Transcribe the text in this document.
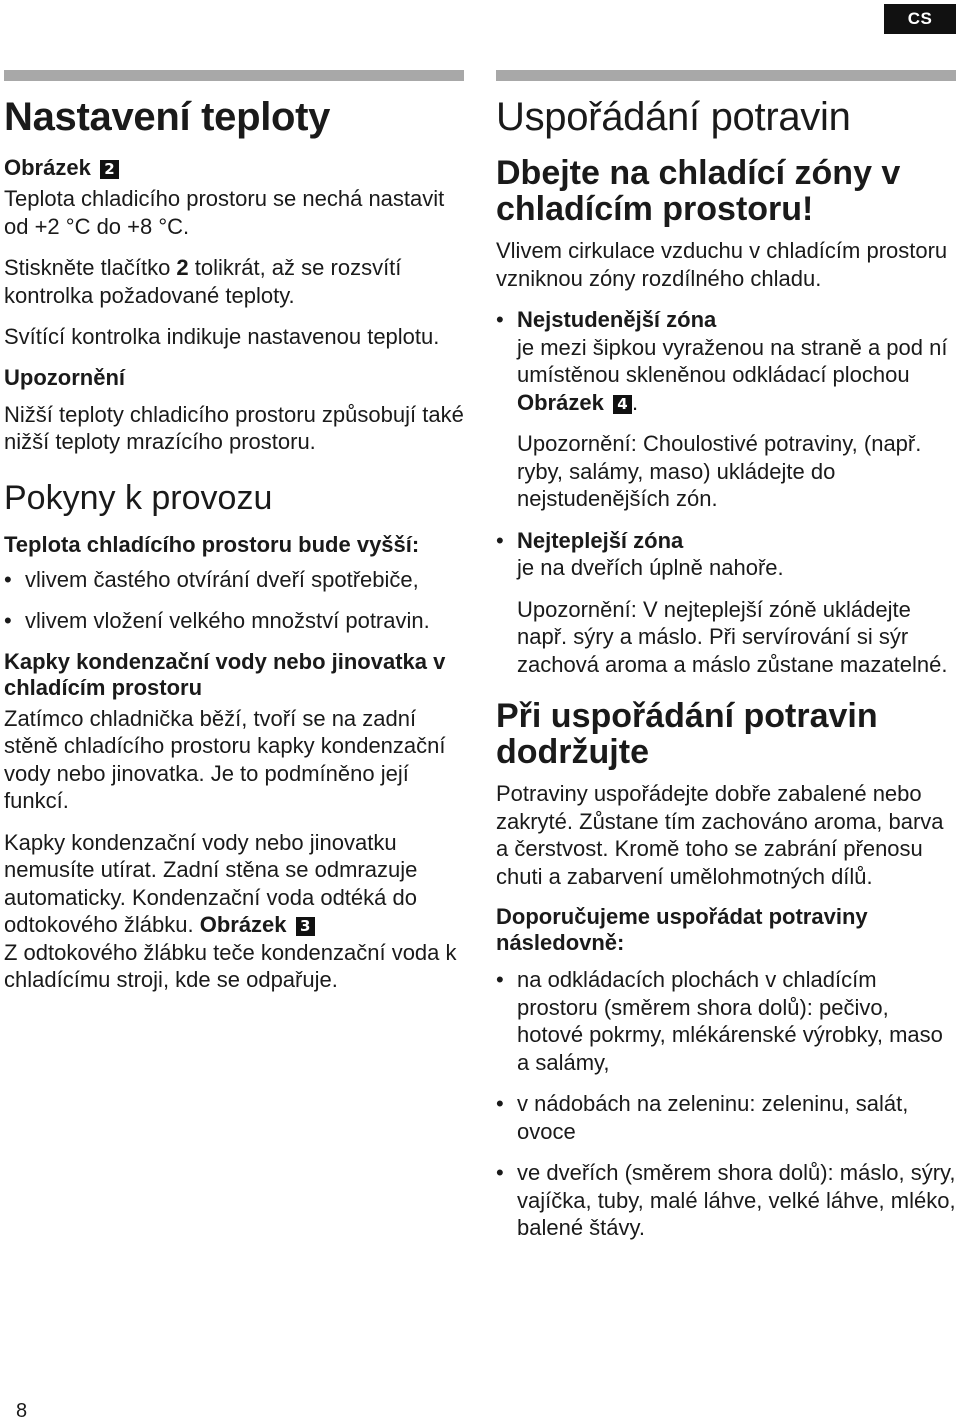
CS
Nastavení teploty
Obrázek 2

Teplota chladicího prostoru se nechá nastavit od +2 °C do +8 °C.

Stiskněte tlačítko 2 tolikrát, až se rozsvítí kontrolka požadované teploty.

Svítící kontrolka indikuje nastavenou teplotu.

Upozornění

Nižší teploty chladicího prostoru způsobují také nižší teploty mrazícího prostoru.

Pokyny k provozu
Teplota chladícího prostoru bude vyšší:
• vlivem častého otvírání dveří spotřebiče,
• vlivem vložení velkého množství potravin.
Kapky kondenzační vody nebo jinovatka v chladícím prostoru

Zatímco chladnička běží, tvoří se na zadní stěně chladícího prostoru kapky kondenzační vody nebo jinovatka. Je to podmíněno její funkcí.

Kapky kondenzační vody nebo jinovatku nemusíte utírat. Zadní stěna se odmrazuje automaticky. Kondenzační voda odtéká do odtokového žlábku. Obrázek 3
Z odtokového žlábku teče kondenzační voda k chladícímu stroji, kde se odpařuje.

Uspořádání potravin
Dbejte na chladící zóny v chladícím prostoru!

Vlivem cirkulace vzduchu v chladícím prostoru vzniknou zóny rozdílného chladu.

• Nejstudenější zóna
je mezi šipkou vyraženou na straně a pod ní umístěnou skleněnou odkládací plochou Obrázek 4 .
Upozornění: Choulostivé potraviny, (např. ryby, salámy, maso) ukládejte do nejstudenějších zón.
• Nejteplejší zóna
je na dveřích úplně nahoře.
Upozornění: V nejteplejší zóně ukládejte např. sýry a máslo. Při servírování si sýr zachová aroma a máslo zůstane mazatelné.
Při uspořádání potravin dodržujte

Potraviny uspořádejte dobře zabalené nebo zakryté. Zůstane tím zachováno aroma, barva a čerstvost. Kromě toho se zabrání přenosu chuti a zabarvení umělohmotných dílů.

Doporučujeme uspořádat potraviny následovně:
• na odkládacích plochách v chladícím prostoru (směrem shora dolů): pečivo, hotové pokrmy, mlékárenské výrobky, maso a salámy,
• v nádobách na zeleninu: zeleninu, salát, ovoce
• ve dveřích (směrem shora dolů): máslo, sýry, vajíčka, tuby, malé láhve, velké láhve, mléko, balené štávy.
8
